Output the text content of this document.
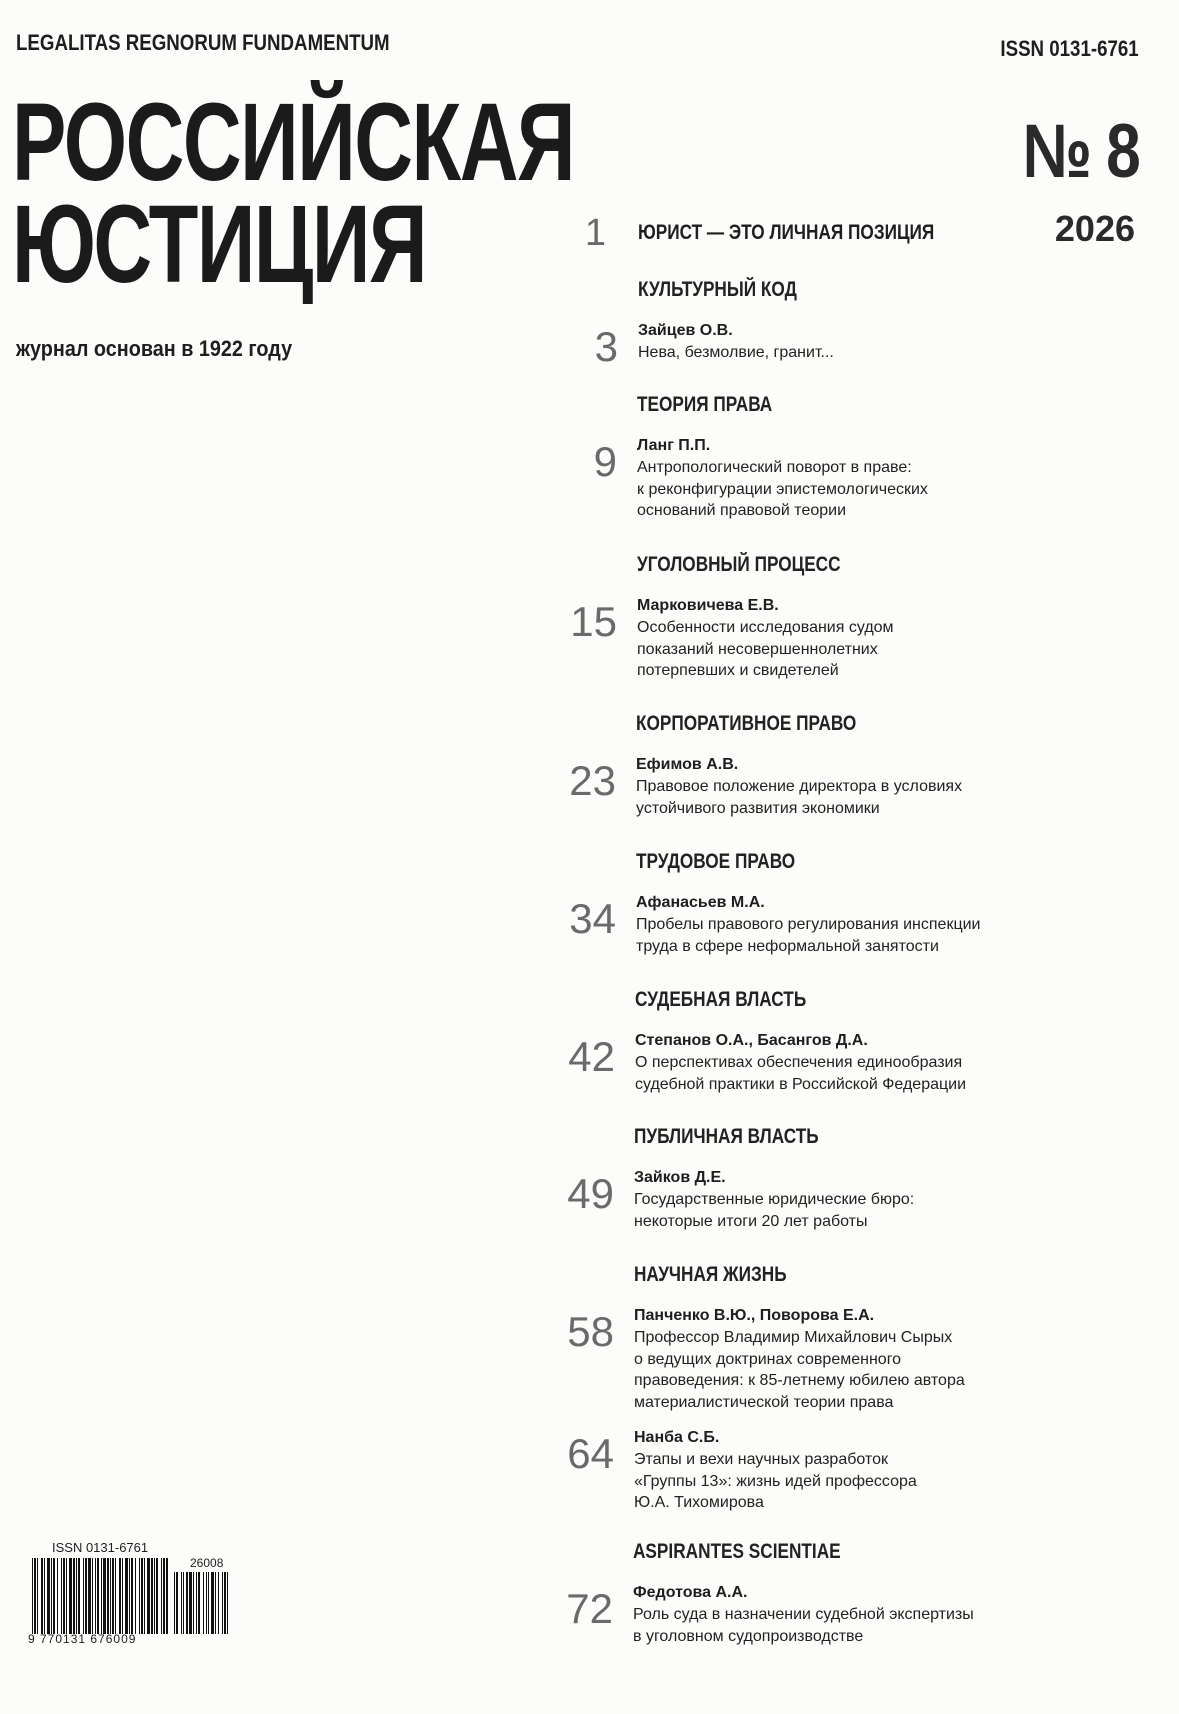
LEGALITAS REGNORUM FUNDAMENTUM	ISSN 0131-6761
РОССИЙСКАЯ
ЮСТИЦИЯ
журнал основан в 1922 году
№ 8
2026
1 ЮРИСТ — ЭТО ЛИЧНАЯ ПОЗИЦИЯ
КУЛЬТУРНЫЙ КОД
3 Зайцев О.В.
Нева, безмолвие, гранит...
ТЕОРИЯ ПРАВА
9 Ланг П.П.
Антропологический поворот в праве:
к реконфигурации эпистемологических
оснований правовой теории
УГОЛОВНЫЙ ПРОЦЕСС
15 Марковичева Е.В.
Особенности исследования судом
показаний несовершеннолетних
потерпевших и свидетелей
КОРПОРАТИВНОЕ ПРАВО
23 Ефимов А.В.
Правовое положение директора в условиях
устойчивого развития экономики
ТРУДОВОЕ ПРАВО
34 Афанасьев М.А.
Пробелы правового регулирования инспекции
труда в сфере неформальной занятости
СУДЕБНАЯ ВЛАСТЬ
42 Степанов О.А., Басангов Д.А.
О перспективах обеспечения единообразия
судебной практики в Российской Федерации
ПУБЛИЧНАЯ ВЛАСТЬ
49 Зайков Д.Е.
Государственные юридические бюро:
некоторые итоги 20 лет работы
НАУЧНАЯ ЖИЗНЬ
58 Панченко В.Ю., Поворова Е.А.
Профессор Владимир Михайлович Сырых
о ведущих доктринах современного
правоведения: к 85-летнему юбилею автора
материалистической теории права
64 Нанба С.Б.
Этапы и вехи научных разработок
«Группы 13»: жизнь идей профессора
Ю.А. Тихомирова
ASPIRANTES SCIENTIAE
72 Федотова А.А.
Роль суда в назначении судебной экспертизы
в уголовном судопроизводстве
ISSN 0131-6761
26008
9 770131 676009
